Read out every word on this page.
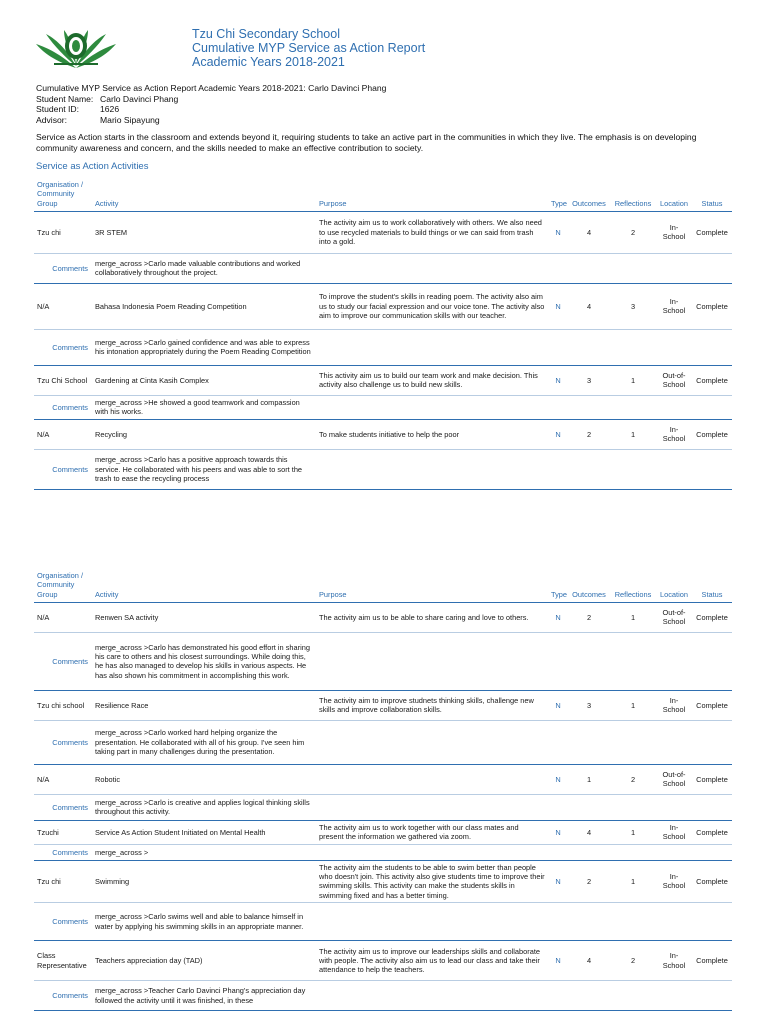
Tzu Chi Secondary School
Cumulative MYP Service as Action Report
Academic Years 2018-2021
Cumulative MYP Service as Action Report Academic Years 2018-2021: Carlo Davinci Phang
Student Name: Carlo Davinci Phang
Student ID:	1626
Advisor:	Mario Sipayung
Service as Action starts in the classroom and extends beyond it, requiring students to take an active part in the communities in which they live. The emphasis is on developing community awareness and concern, and the skills needed to make an effective contribution to society.
Service as Action Activities
Organisation / Community Group	Activity	Purpose	Type	Outcomes	Reflections	Location	Status
Tzu chi	3R STEM	The activity aim us to work collaboratively with others. We also need to use recycled materials to build things or we can said from trash into a gold.	N	4	2	In-School	Complete
Comments	merge_across >Carlo made valuable contributions and worked collaboratively throughout the project.						
N/A	Bahasa Indonesia Poem Reading Competition	To improve the student's skills in reading poem. The activity also aim us to study our facial expression and our voice tone. The activity also aim to improve our communication skills with our teacher.	N	4	3	In-School	Complete
Comments	merge_across >Carlo gained confidence and was able to express his intonation appropriately during the Poem Reading Competition						
Tzu Chi School	Gardening at Cinta Kasih Complex	This activity aim us to build our team work and make decision. This activity also challenge us to build new skills.	N	3	1	Out-of-School	Complete
Comments	merge_across >He showed a good teamwork and compassion with his works.						
N/A	Recycling	To make students initiative to help the poor	N	2	1	In-School	Complete
Comments	merge_across >Carlo has a positive approach towards this service. He collaborated with his peers and was able to sort the trash to ease the recycling process						
Organisation / Community Group	Activity	Purpose	Type	Outcomes	Reflections	Location	Status
N/A	Renwen SA activity	The activity aim us to be able to share caring and love to others.	N	2	1	Out-of-School	Complete
Comments	merge_across >Carlo has demonstrated his good effort in sharing his care to others and his closest surroundings. While doing this, he has also managed to develop his skills in various aspects. He has also shown his commitment in accomplishing this work.						
Tzu chi school	Resilience Race	The activity aim to improve studnets thinking skills, challenge new skills and improve collaboration skills.	N	3	1	In-School	Complete
Comments	merge_across >Carlo worked hard helping organize the presentation. He collaborated with all of his group. I've seen him taking part in many challenges during the presentation.						
N/A	Robotic		N	1	2	Out-of-School	Complete
Comments	merge_across >Carlo is creative and applies logical thinking skills throughout this activity.						
Tzuchi	Service As Action Student Initiated on Mental Health	The activity aim us to work together with our class mates and present the information we gathered via zoom.	N	4	1	In-School	Complete
Comments	merge_across >						
Tzu chi	Swimming	The activity aim the students to be able to swim better than people who doesn't join. This activity also give students time to improve their swimming skills. This activity can make the students skills in swimming fixed and has a better timing.	N	2	1	In-School	Complete
Comments	merge_across >Carlo swims well and able to balance himself in water by applying his swimming skills in an appropriate manner.						
Class Representative	Teachers appreciation day (TAD)	The activity aim us to improve our leaderships skills and collaborate with people. The activity also aim us to lead our class and take their attendance to help the teachers.	N	4	2	In-School	Complete
Comments	merge_across >Teacher Carlo Davinci Phang's appreciation day followed the activity until it was finished, in these						
